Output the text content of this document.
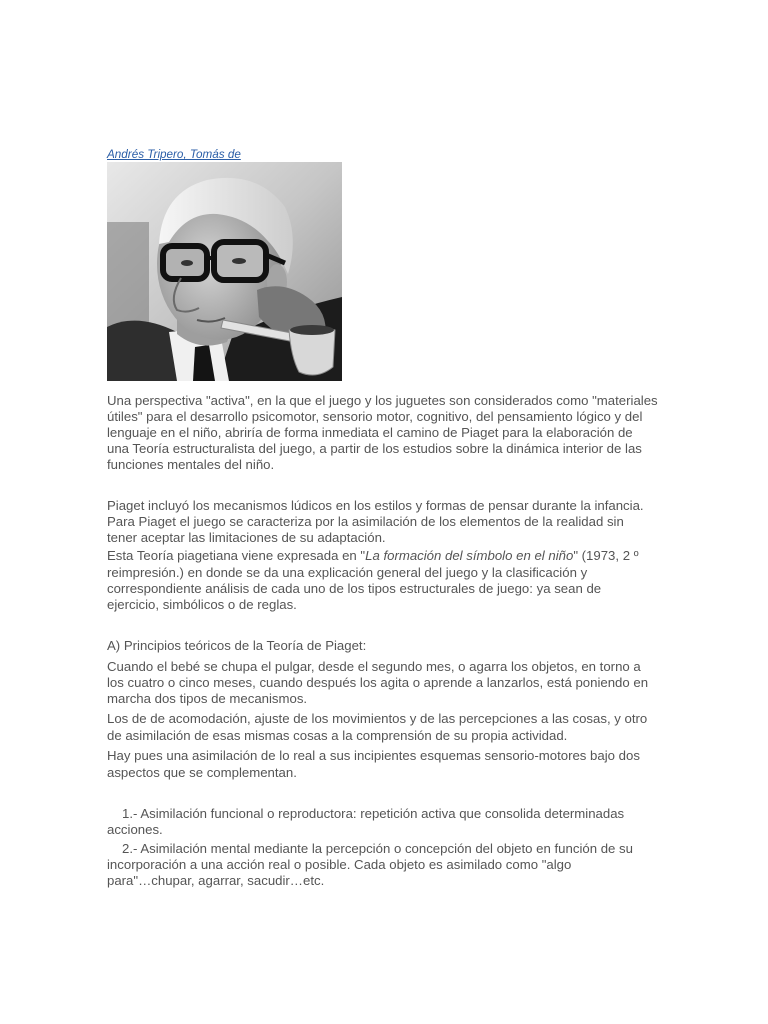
Andrés Tripero, Tomás de
Una perspectiva "activa", en la que el juego y los juguetes son considerados como "materiales
útiles" para el desarrollo psicomotor, sensorio motor, cognitivo, del pensamiento lógico y del
lenguaje en el niño, abriría de forma inmediata el camino de Piaget para la elaboración de
una Teoría estructuralista del juego, a partir de los estudios sobre la dinámica interior de las
funciones mentales del niño.
Piaget incluyó los mecanismos lúdicos en los estilos y formas de pensar durante la infancia.
Para Piaget el juego se caracteriza por la asimilación de los elementos de la realidad sin
tener aceptar las limitaciones de su adaptación.
Esta Teoría piagetiana viene expresada en "La formación del símbolo en el niño" (1973, 2 º
reimpresión.) en donde se da una explicación general del juego y la clasificación y
correspondiente análisis de cada uno de los tipos estructurales de juego: ya sean de
ejercicio, simbólicos o de reglas.
A) Principios teóricos de la Teoría de Piaget:
Cuando el bebé se chupa el pulgar, desde el segundo mes, o agarra los objetos, en torno a
los cuatro o cinco meses, cuando después los agita o aprende a lanzarlos, está poniendo en
marcha dos tipos de mecanismos.
Los de de acomodación, ajuste de los movimientos y de las percepciones a las cosas, y otro
de asimilación de esas mismas cosas a la comprensión de su propia actividad.
Hay pues una asimilación de lo real a sus incipientes esquemas sensorio-motores bajo dos
aspectos que se complementan.
1.- Asimilación funcional o reproductora: repetición activa que consolida determinadas
acciones.
2.- Asimilación mental mediante la percepción o concepción del objeto en función de su
incorporación a una acción real o posible. Cada objeto es asimilado como "algo
para"…chupar, agarrar, sacudir…etc.
